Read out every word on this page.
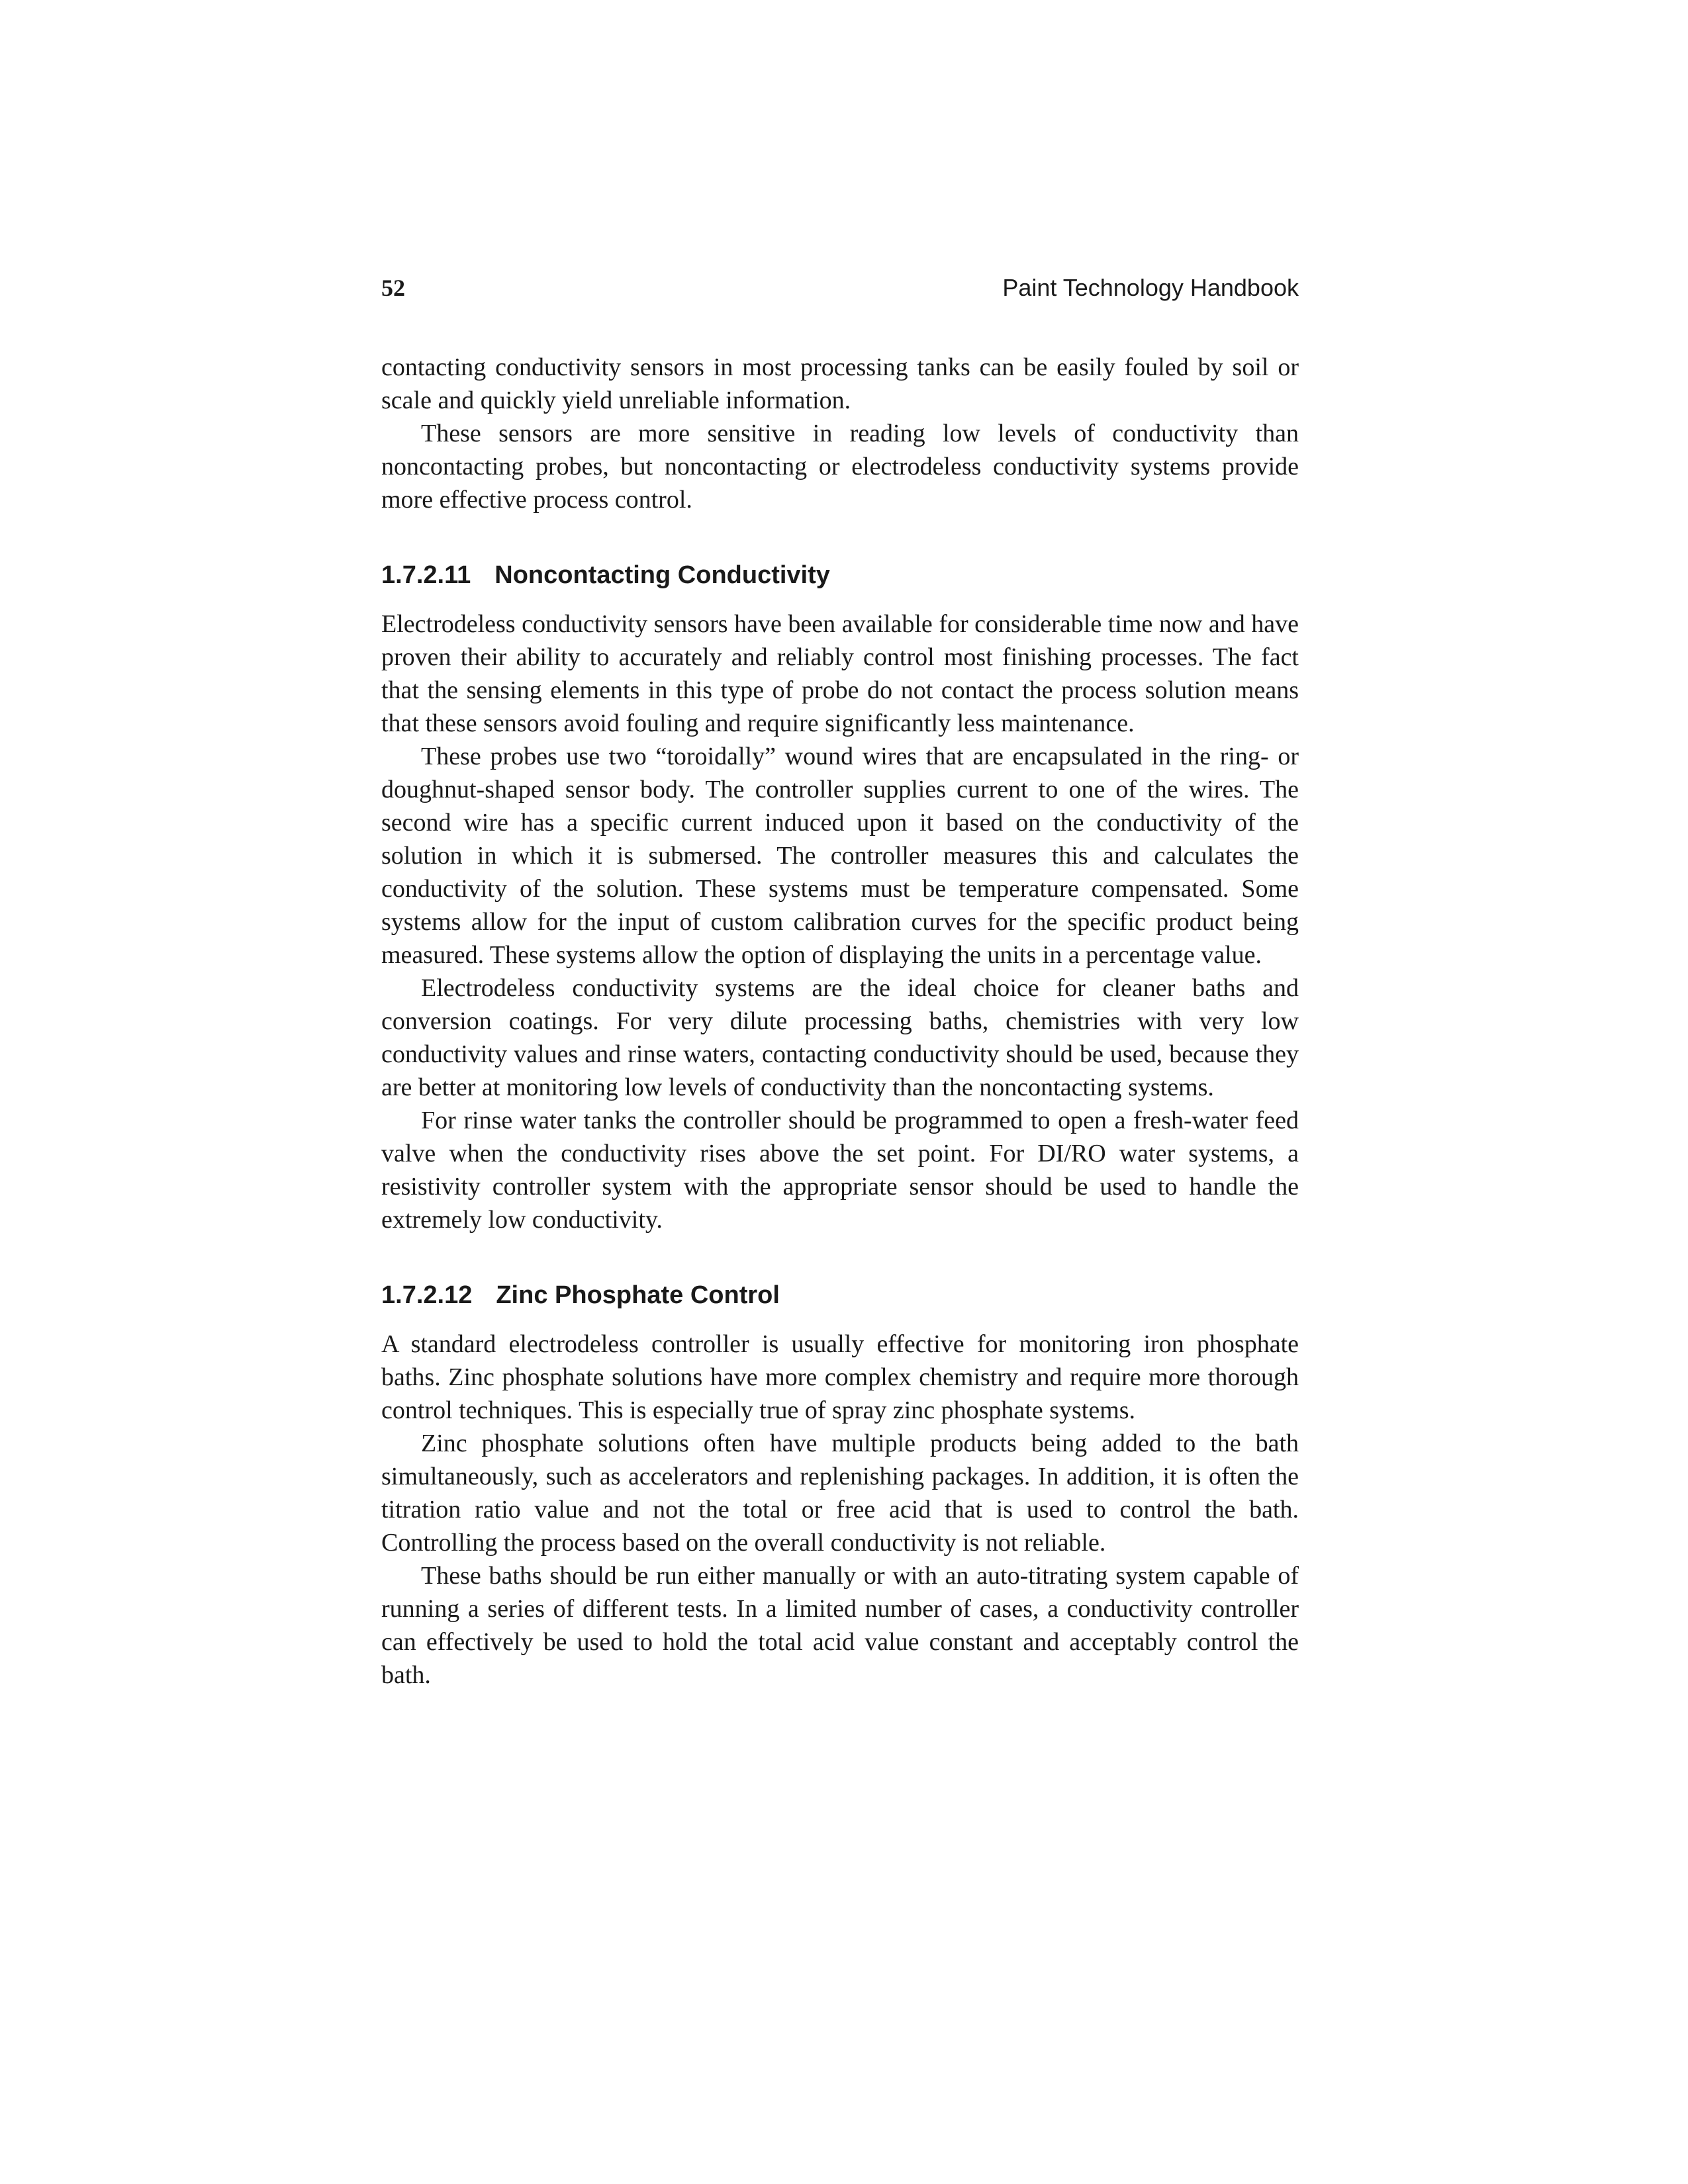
52	Paint Technology Handbook

contacting conductivity sensors in most processing tanks can be easily fouled by soil or scale and quickly yield unreliable information.

These sensors are more sensitive in reading low levels of conductivity than noncontacting probes, but noncontacting or electrodeless conductivity systems provide more effective process control.

1.7.2.11 Noncontacting Conductivity

Electrodeless conductivity sensors have been available for considerable time now and have proven their ability to accurately and reliably control most finishing processes. The fact that the sensing elements in this type of probe do not contact the process solution means that these sensors avoid fouling and require significantly less maintenance.

These probes use two “toroidally” wound wires that are encapsulated in the ring- or doughnut-shaped sensor body. The controller supplies current to one of the wires. The second wire has a specific current induced upon it based on the conductivity of the solution in which it is submersed. The controller measures this and calculates the conductivity of the solution. These systems must be temperature compensated. Some systems allow for the input of custom calibration curves for the specific product being measured. These systems allow the option of displaying the units in a percentage value.

Electrodeless conductivity systems are the ideal choice for cleaner baths and conversion coatings. For very dilute processing baths, chemistries with very low conductivity values and rinse waters, contacting conductivity should be used, because they are better at monitoring low levels of conductivity than the noncontacting systems.

For rinse water tanks the controller should be programmed to open a fresh-water feed valve when the conductivity rises above the set point. For DI/RO water systems, a resistivity controller system with the appropriate sensor should be used to handle the extremely low conductivity.

1.7.2.12 Zinc Phosphate Control

A standard electrodeless controller is usually effective for monitoring iron phosphate baths. Zinc phosphate solutions have more complex chemistry and require more thorough control techniques. This is especially true of spray zinc phosphate systems.

Zinc phosphate solutions often have multiple products being added to the bath simultaneously, such as accelerators and replenishing packages. In addition, it is often the titration ratio value and not the total or free acid that is used to control the bath. Controlling the process based on the overall conductivity is not reliable.

These baths should be run either manually or with an auto-titrating system capable of running a series of different tests. In a limited number of cases, a conductivity controller can effectively be used to hold the total acid value constant and acceptably control the bath.
